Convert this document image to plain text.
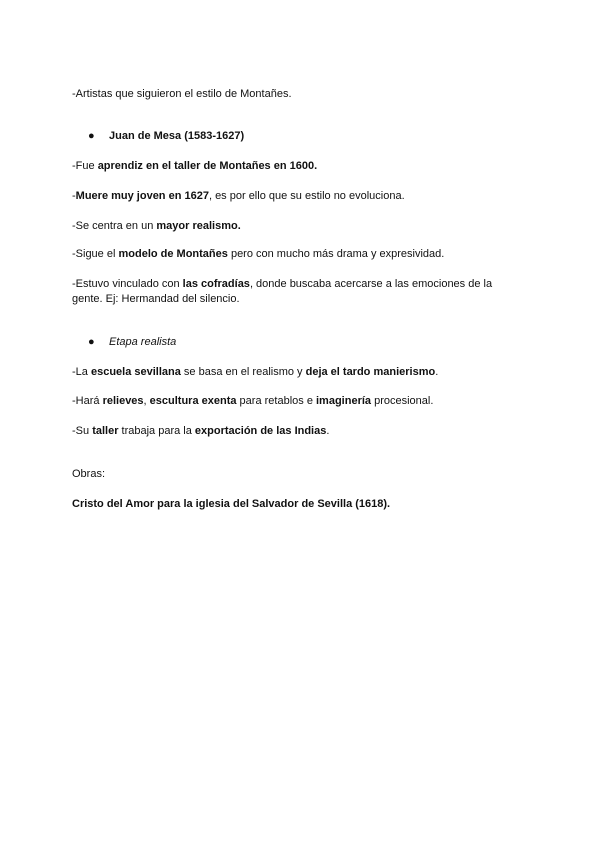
-Artistas que siguieron el estilo de Montañes.

● Juan de Mesa (1583-1627)

-Fue aprendiz en el taller de Montañes en 1600.

-Muere muy joven en 1627, es por ello que su estilo no evoluciona.

-Se centra en un mayor realismo.

-Sigue el modelo de Montañes pero con mucho más drama y expresividad.

-Estuvo vinculado con las cofradías, donde buscaba acercarse a las emociones de la
gente. Ej: Hermandad del silencio.

● Etapa realista

-La escuela sevillana se basa en el realismo y deja el tardo manierismo.

-Hará relieves, escultura exenta para retablos e imaginería procesional.

-Su taller trabaja para la exportación de las Indias.

Obras:

Cristo del Amor para la iglesia del Salvador de Sevilla (1618).
